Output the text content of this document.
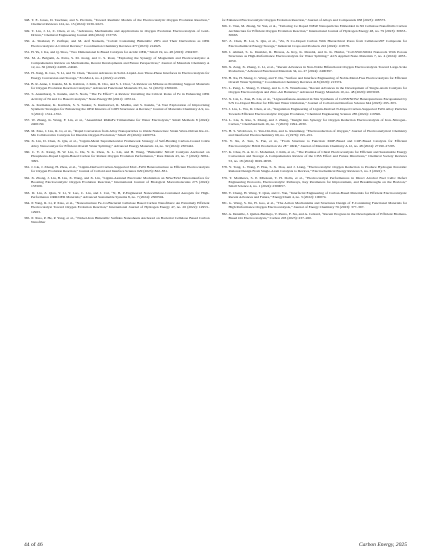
348. T. E. Jones, D. Teschner, and S. Piccinin, “Toward Realistic Models of the Electrocatalytic Oxygen Evolution Reaction,” Chemical Reviews 124, no. 15 (2024): 9136–9223.

349. T. Liu, J. Li, Z. Chen, et al., “Advances, Mechanisms and Applications in Oxygen Evolution Electrocatalysis of Gold-Driven,” Chemical Engineering Journal 496 (2024): 153733.

350. A. Shahzad, F. Zulfiqar, and M. Arif Nadeem, “Cobalt Containing Bimetallic ZIFs and Their Derivatives as OER Electrocatalysts: A Critical Review,” Coordination Chemistry Reviews 477 (2023): 214925.

351. H. Yu, J. Ke, and Q. Shao, “Two Dimensional Ir-Based Catalysts for Acidic OER,” Small 19, no. 48 (2023): 2304307.

352. M. A. Belgami, A. Patra, S. M. Jeong, and C. S. Rout, “Exploring the Synergy of Magnetism and Electrocatalysis: A Comprehensive Review on Mechanisms, Recent Developments and Future Perspectives,” Journal of Materials Chemistry A 12, no. 36 (2024): 24005–24040.

353. H. Jiang, R. Luo, Y. Li, and W. Chen, “Recent Advances in Solid–Liquid–Gas Three-Phase Interfaces in Electrocatalysis for Energy Conversion and Storage,” EcoMat 4, no. 4 (2022): e12199.

354. B. R. Anne, J. Kundu, M. K. Kabiraz, J. Kim, D. Cho, and S. I. Choi, “A Review on MXene as Promising Support Materials for Oxygen Evolution Reaction Catalysts,” Advanced Functional Materials 33, no. 51 (2023): 2306100.

355. S. Anantharaj, S. Kundu, and S. Noda, “The Fe Effect”: A Review Unveiling the Critical Roles of Fe in Enhancing OER Activity of Ni and Co Based Catalysts,” Nano Energy 80 (2021): 105514.

356. A. Karmakar, K. Karthick, S. S. Sankar, S. Kumaravel, R. Madhu, and S. Kundu, “A Vast Exploration of Improvising Synthetic Strategies for Enhancing the OER Kinetics of LDH Structures: A Review,” Journal of Materials Chemistry A 9, no. 3 (2021): 1314–1352.

357. W. Zhang, K. Wang, F. Lin, et al., “Assembled RhRuFe Trimetallene for Water Electrolysis,” Small Methods 8 (2024): 2400150.

358. M. Xiao, J. Liu, R. Li, et al., “Rapid Conversion from Alloy Nanoparticles to Oxide Nanowires: Strain Wave-Driven Ru–O–Mn Collaborative Catalysis for Durable Oxygen Evolution,” Small 20 (2024): 2400754.

359. X. Lin, D. Chen, X. Qiu, et al., “Lignin-Metal Supramolecular Framework Strategy of Self-Healing Carbon-Coated CoRu Alloy Nanocatalyst for Efficient Overall Water Splitting,” Advanced Energy Materials 14, no. 32 (2024): 2303442.

360. C. Y. Z. Xiong, B. W. Liu, L. Du, Y. K. Zhou, X. L. Lin, and H. Wang, “Bimetallic NiCoP Catalysts Anchored on Phosphorus-Doped Lignin-Based Carbon for Robust Oxygen Evolution Performance,” Rare Metals 43, no. 7 (2024): 3084–3095.

361. J. Liu, J. Zhang, H. Zhou, et al., “Lignin-Derived Carbon-Supported MoC–FeNi Heterostructure as Efficient Electrocatalysts for Oxygen Evolution Reaction,” Journal of Colloid and Interface Science 629 (2023): 822–831.

362. X. Zhong, J. Liu, B. Liu, X. Wang, and X. Lin, “Lignin-Assisted Electronic Modulation on NiSe/FeS2 Heterointerface for Boosting Electrocatalytic Oxygen Evolution Reaction,” International Journal of Biological Macromolecules 275 (2024): 133509.

363. D. Liu, Z. Qian, Y. Li, Y. Luo, C. Liu, and J. Cui, “N, B, P-Engineered Nanocellulose-Contained Aerogels for High-Performance ORR/OER Materials,” Advanced Sustainable Systems 8, no. 7 (2024): 2300594.

364. P. Yang, R. Li, P. Xiao, et al., “Nanostructure Fe–Co/Bacterial Cellulose Based Carbon Nanofibers: An Extremely Efficient Electrocatalyst Toward Oxygen Evolution Reaction,” International Journal of Hydrogen Energy 47, no. 26 (2022): 12953–12963.

365. P. Xiao, P. He, P. Yang, et al., “Nickel-Iron Bimetallic Sulfides Nanosheets Anchored on Bacterial Cellulose Based Carbon Nanofiber

for Enhanced Electrocatalytic Oxygen Evolution Reaction,” Journal of Alloys and Compounds 938 (2023): 168573.

366. C. Tian, M. Zhang, W. Yan, et al., “Tailoring Ce Doped NiFeP Nanoparticles Embedded in 3D Cellulose Nanofibrils Carbon Architecture for Efficient Oxygen Evolution Reaction,” International Journal of Hydrogen Energy 48, no. 79 (2023): 30653–30663.

367. Z. Chen, H. Lai, S. Qiu, et al., “Zn, N Co-Doped Carbon With Hierarchical Pores from Cellulose/ZIF Composite for Electrochemical Energy Storage,” Industrial Crops and Products 222 (2024): 119579.

368. I. Ahmed, S. G. Dastider, R. Biswas, A. Roy, K. Mondal, and K. K. Haldar, “Co0.5Ni0.5MO4 Nanorods With Porous Structures as High-Performance Electrocatalysts for Water Splitting,” ACS Applied Nano Materials 7, no. 4 (2024): 4033–4050.

369. X. Zeng, X. Zheng, C. Li, et al., “Recent Advances in Non-Noble Bifunctional Oxygen Electrocatalysts Toward Large-Scale Production,” Advanced Functional Materials 34, no. 27 (2024): 2400397.

370. H. Xu, H. Shang, C. Wang, and Y. Du, “Surface and Interface Engineering of Noble-Metal-Free Electrocatalysts for Efficient Overall Water Splitting,” Coordination Chemistry Reviews 418 (2020): 213374.

371. L. Peng, L. Shang, T. Zhang, and G. I. N. Waterhouse, “Recent Advances in the Development of Single-Atom Catalysts for Oxygen Electrocatalysis and Zinc–Air Batteries,” Advanced Energy Materials 10, no. 48 (2020): 2003018.

372. X. Lin, L. Xue, B. Liu, et al., “Lignosulfonate-Assisted in Situ Synthesis of Co9S8/Ni3S2 Heterojunctions Encapsulated by S/N Co-Doped Biochar for Efficient Water Oxidation,” Journal of Colloid and Interface Science 644 (2023): 295–303.

373. J. Liu, L. Wu, D. Chen, et al., “Regulation Engineering of Lignin-Derived N-Doped Carbon-Supported FeNi Alloy Particles Towards Efficient Electrocatalytic Oxygen Evolution,” Chemical Engineering Science 285 (2024): 119596.

374. L. Liu, X. Rao, S. Zhang, and J. Zhang, “Insight into Synergy for Oxygen Reduction Electrocatalysis of Iron–Nitrogen–Carbon,” ChemSusChem 16, no. 7 (2023): 1994–2030.

375. H. S. Wroblowa, C. Yen-Chi-Pan, and G. Razumney, “Electroreduction of Oxygen,” Journal of Electroanalytical Chemistry and Interfacial Electrochemistry 69, no. 2 (1976): 195–201.

376. Y. Xu, Z. Sun, S. Fan, et al., “From Structure to Function: MOF-Based and COF-Based Catalysts for Efficient Electrocatalytic H2O2 Production via 2E− ORR,” Journal of Materials Chemistry A 12, no. 48 (2024): 27190–27205.

377. K. Chae, N. A. R. C. Mohamad, J. Kim, et al., “The Promise of Chiral Electrocatalysis for Efficient and Sustainable Energy Conversion and Storage: A Comprehensive Review of the CISS Effect and Future Directions,” Chemical Society Reviews 53, no. 18 (2024): 9029–9058.

378. Y. Tong, L. Wang, F. Hou, S. X. Dou, and J. Liang, “Electrocatalytic Oxygen Reduction to Produce Hydrogen Peroxide: Rational Design From Single-Atom Catalysts to Devices,” Electrochemical Energy Reviews 5, no. 3 (2022): 7.

379. T. Matthews, S. P. Mbokazi, T. H. Dolla, et al., “Electrocatalyst Performances in Direct Alcohol Fuel Cells: Defect Engineering Protocols, Electrocatalytic Pathways, Key Parameters for Improvement, and Breakthroughs on the Horizon,” Small Science 4, no. 1 (2024): 2300057.

380. Y. Cheng, H. Wang, T. Qian, and C. Yan, “Interfacial Engineering of Carbon-Based Materials for Efficient Electrocatalysis: Recent Advances and Future,” EnergyChem 4, no. 3 (2022): 100074.

381. G. Wang, S. Jin, H. Gao, et al., “The Action Mechanisms and Structures Design of F-Containing Functional Materials for High Performance Oxygen Electrocatalysis,” Journal of Energy Chemistry 76 (2023): 377–397.

382. A. Denaille, J. Quilez-Bermejo, V. Pierro, F. Xu, and A. Celzard, “Recent Progress in the Development of Efficient Biomass-Based Orr Electrocatalysts,” Carbon 203 (2023): 237–260.

44 of 46	Carbon Energy, 2025
